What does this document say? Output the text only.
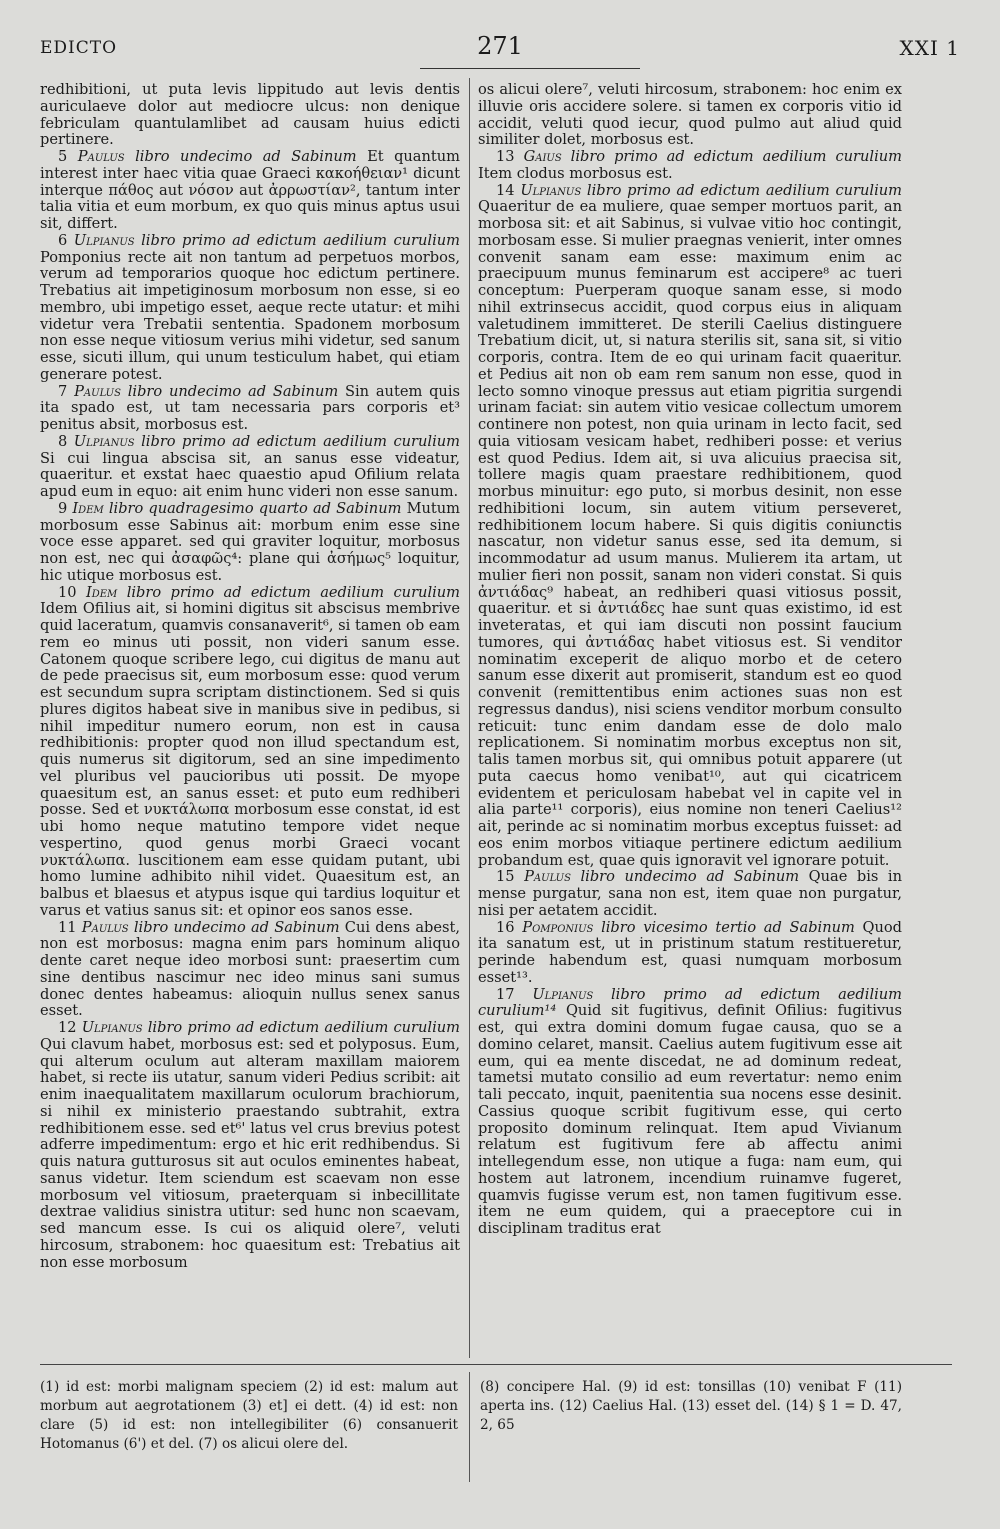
EDICTO	271	XXI 1

redhibitioni, ut puta levis lippitudo aut levis dentis auriculaeve dolor aut mediocre ulcus: non denique febriculam quantulamlibet ad causam huius edicti pertinere.

5 Paulus libro undecimo ad Sabinum Et quantum interest inter haec vitia quae Graeci κακοήθειαν¹ dicunt interque πάθος aut νόσον aut ἀρρωστίαν², tantum inter talia vitia et eum morbum, ex quo quis minus aptus usui sit, differt.

6 Ulpianus libro primo ad edictum aedilium curulium Pomponius recte ait non tantum ad perpetuos morbos, verum ad temporarios quoque hoc edictum pertinere. Trebatius ait impetiginosum morbosum non esse, si eo membro, ubi impetigo esset, aeque recte utatur: et mihi videtur vera Trebatii sententia. Spadonem morbosum non esse neque vitiosum verius mihi videtur, sed sanum esse, sicuti illum, qui unum testiculum habet, qui etiam generare potest.

7 Paulus libro undecimo ad Sabinum Sin autem quis ita spado est, ut tam necessaria pars corporis et³ penitus absit, morbosus est.

8 Ulpianus libro primo ad edictum aedilium curulium Si cui lingua abscisa sit, an sanus esse videatur, quaeritur. et exstat haec quaestio apud Ofilium relata apud eum in equo: ait enim hunc videri non esse sanum.

9 Idem libro quadragesimo quarto ad Sabinum Mutum morbosum esse Sabinus ait: morbum enim esse sine voce esse apparet. sed qui graviter loquitur, morbosus non est, nec qui ἀσαφῶς⁴: plane qui ἀσήμως⁵ loquitur, hic utique morbosus est.

10 Idem libro primo ad edictum aedilium curulium Idem Ofilius ait, si homini digitus sit abscisus membrive quid laceratum, quamvis consanaverit⁶, si tamen ob eam rem eo minus uti possit, non videri sanum esse. Catonem quoque scribere lego, cui digitus de manu aut de pede praecisus sit, eum morbosum esse: quod verum est secundum supra scriptam distinctionem. Sed si quis plures digitos habeat sive in manibus sive in pedibus, si nihil impeditur numero eorum, non est in causa redhibitionis: propter quod non illud spectandum est, quis numerus sit digitorum, sed an sine impedimento vel pluribus vel paucioribus uti possit. De myope quaesitum est, an sanus esset: et puto eum redhiberi posse. Sed et νυκτάλωπα morbosum esse constat, id est ubi homo neque matutino tempore videt neque vespertino, quod genus morbi Graeci vocant νυκτάλωπα. luscitionem eam esse quidam putant, ubi homo lumine adhibito nihil videt. Quaesitum est, an balbus et blaesus et atypus isque qui tardius loquitur et varus et vatius sanus sit: et opinor eos sanos esse.

11 Paulus libro undecimo ad Sabinum Cui dens abest, non est morbosus: magna enim pars hominum aliquo dente caret neque ideo morbosi sunt: praesertim cum sine dentibus nascimur nec ideo minus sani sumus donec dentes habeamus: alioquin nullus senex sanus esset.

12 Ulpianus libro primo ad edictum aedilium curulium Qui clavum habet, morbosus est: sed et polyposus. Eum, qui alterum oculum aut alteram maxillam maiorem habet, si recte iis utatur, sanum videri Pedius scribit: ait enim inaequalitatem maxillarum oculorum brachiorum, si nihil ex ministerio praestando subtrahit, extra redhibitionem esse. sed et⁶' latus vel crus brevius potest adferre impedimentum: ergo et hic erit redhibendus. Si quis natura gutturosus sit aut oculos eminentes habeat, sanus videtur. Item sciendum est scaevam non esse morbosum vel vitiosum, praeterquam si inbecillitate dextrae validius sinistra utitur: sed hunc non scaevam, sed mancum esse. Is cui os aliquid olere⁷, veluti hircosum, strabonem: hoc quaesitum est: Trebatius ait non esse morbosum

os alicui olere⁷, veluti hircosum, strabonem: hoc enim ex illuvie oris accidere solere. si tamen ex corporis vitio id accidit, veluti quod iecur, quod pulmo aut aliud quid similiter dolet, morbosus est.

13 Gaius libro primo ad edictum aedilium curulium Item clodus morbosus est.

14 Ulpianus libro primo ad edictum aedilium curulium Quaeritur de ea muliere, quae semper mortuos parit, an morbosa sit: et ait Sabinus, si vulvae vitio hoc contingit, morbosam esse. Si mulier praegnas venierit, inter omnes convenit sanam eam esse: maximum enim ac praecipuum munus feminarum est accipere⁸ ac tueri conceptum: Puerperam quoque sanam esse, si modo nihil extrinsecus accidit, quod corpus eius in aliquam valetudinem immitteret. De sterili Caelius distinguere Trebatium dicit, ut, si natura sterilis sit, sana sit, si vitio corporis, contra. Item de eo qui urinam facit quaeritur. et Pedius ait non ob eam rem sanum non esse, quod in lecto somno vinoque pressus aut etiam pigritia surgendi urinam faciat: sin autem vitio vesicae collectum umorem continere non potest, non quia urinam in lecto facit, sed quia vitiosam vesicam habet, redhiberi posse: et verius est quod Pedius. Idem ait, si uva alicuius praecisa sit, tollere magis quam praestare redhibitionem, quod morbus minuitur: ego puto, si morbus desinit, non esse redhibitioni locum, sin autem vitium perseveret, redhibitionem locum habere. Si quis digitis coniunctis nascatur, non videtur sanus esse, sed ita demum, si incommodatur ad usum manus. Mulierem ita artam, ut mulier fieri non possit, sanam non videri constat. Si quis ἀντιάδας⁹ habeat, an redhiberi quasi vitiosus possit, quaeritur. et si ἀντιάδες hae sunt quas existimo, id est inveteratas, et qui iam discuti non possint faucium tumores, qui ἀντιάδας habet vitiosus est. Si venditor nominatim exceperit de aliquo morbo et de cetero sanum esse dixerit aut promiserit, standum est eo quod convenit (remittentibus enim actiones suas non est regressus dandus), nisi sciens venditor morbum consulto reticuit: tunc enim dandam esse de dolo malo replicationem. Si nominatim morbus exceptus non sit, talis tamen morbus sit, qui omnibus potuit apparere (ut puta caecus homo venibat¹⁰, aut qui cicatricem evidentem et periculosam habebat vel in capite vel in alia parte¹¹ corporis), eius nomine non teneri Caelius¹² ait, perinde ac si nominatim morbus exceptus fuisset: ad eos enim morbos vitiaque pertinere edictum aedilium probandum est, quae quis ignoravit vel ignorare potuit.

15 Paulus libro undecimo ad Sabinum Quae bis in mense purgatur, sana non est, item quae non purgatur, nisi per aetatem accidit.

16 Pomponius libro vicesimo tertio ad Sabinum Quod ita sanatum est, ut in pristinum statum restitueretur, perinde habendum est, quasi numquam morbosum esset¹³.

17 Ulpianus libro primo ad edictum aedilium curulium¹⁴ Quid sit fugitivus, definit Ofilius: fugitivus est, qui extra domini domum fugae causa, quo se a domino celaret, mansit. Caelius autem fugitivum esse ait eum, qui ea mente discedat, ne ad dominum redeat, tametsi mutato consilio ad eum revertatur: nemo enim tali peccato, inquit, paenitentia sua nocens esse desinit. Cassius quoque scribit fugitivum esse, qui certo proposito dominum relinquat. Item apud Vivianum relatum est fugitivum fere ab affectu animi intellegendum esse, non utique a fuga: nam eum, qui hostem aut latronem, incendium ruinamve fugeret, quamvis fugisse verum est, non tamen fugitivum esse. item ne eum quidem, qui a praeceptore cui in disciplinam traditus erat

(1) id est: morbi malignam speciem (2) id est: malum aut morbum aut aegrotationem (3) et] ei dett. (4) id est: non clare (5) id est: non intellegibiliter (6) consanuerit Hotomanus (6') et del. (7) os alicui olere del.
(8) concipere Hal. (9) id est: tonsillas (10) venibat F (11) aperta ins. (12) Caelius Hal. (13) esset del. (14) § 1 = D. 47, 2, 65
